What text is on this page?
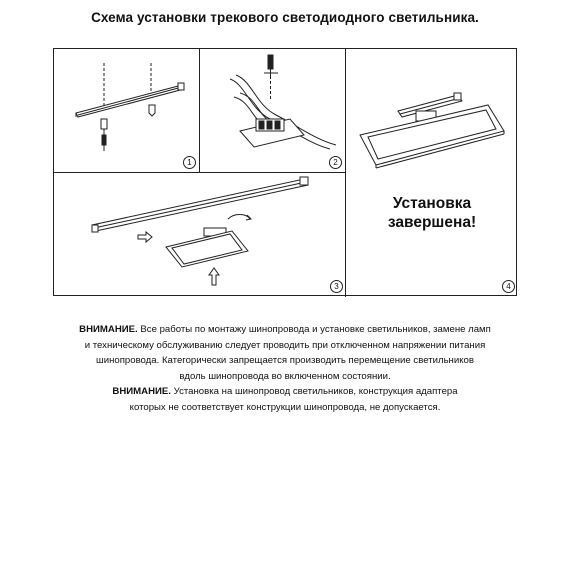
Схема установки трекового светодиодного светильника.
1	2
3
Установка
завершена!
4
ВНИМАНИЕ. Все работы по монтажу шинопровода и установке светильников, замене ламп
и техническому обслуживанию следует проводить при отключенном напряжении питания
шинопровода. Категорически запрещается производить перемещение светильников
вдоль шинопровода во включенном состоянии.
ВНИМАНИЕ. Установка на шинопровод светильников, конструкция адаптера
которых не соответствует конструкции шинопровода, не допускается.
